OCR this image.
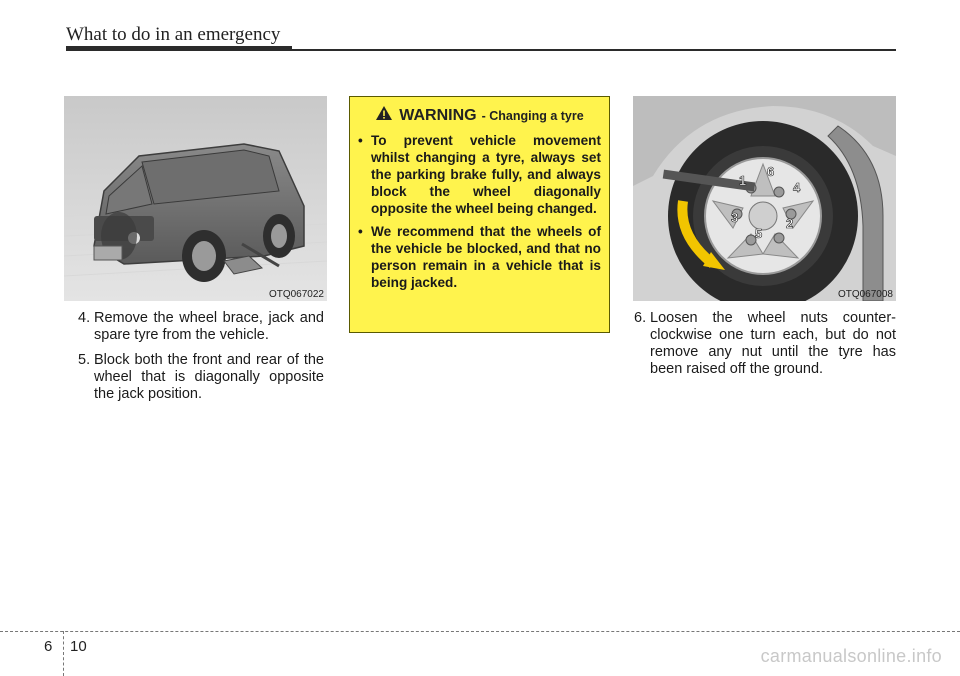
What to do in an emergency
OTQ067022
4. Remove the wheel brace, jack and spare tyre from the vehicle.
5. Block both the front and rear of the wheel that is diagonally opposite the jack position.
WARNING - Changing a tyre
• To prevent vehicle movement whilst changing a tyre, always set the parking brake fully, and always block the wheel diagonally opposite the wheel being changed.
• We recommend that the wheels of the vehicle be blocked, and that no person remain in a vehicle that is being jacked.
1
6
4
3
5
2
OTQ067008
6. Loosen the wheel nuts counter-clockwise one turn each, but do not remove any nut until the tyre has been raised off the ground.
6 10	carmanualsonline.info
